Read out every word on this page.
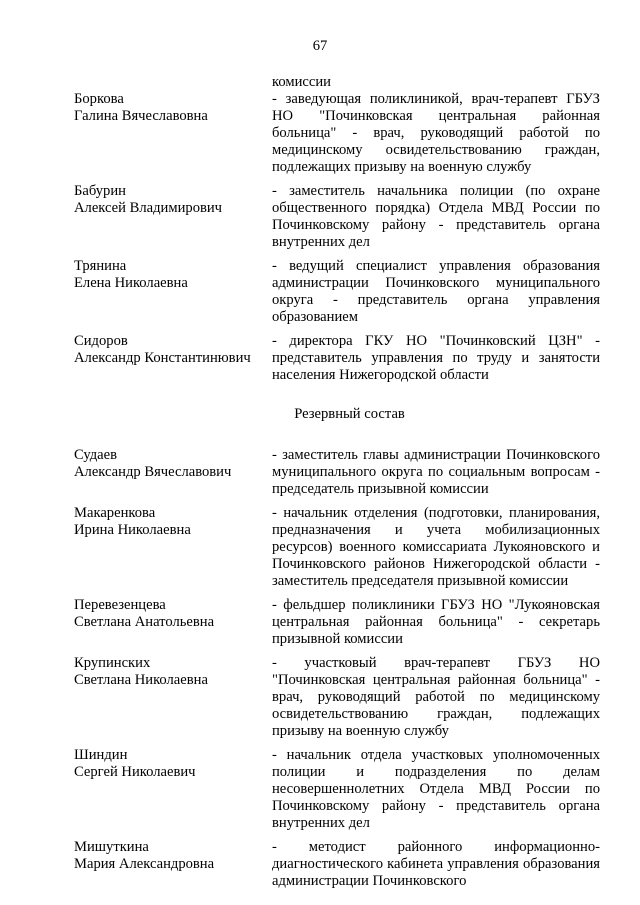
67
комиссии
Боркова
Галина Вячеславовна
- заведующая поликлиникой, врач-терапевт ГБУЗ НО "Починковская центральная районная больница" - врач, руководящий работой по медицинскому освидетельствованию граждан, подлежащих призыву на военную службу
Бабурин
Алексей Владимирович
- заместитель начальника полиции (по охране общественного порядка) Отдела МВД России по Починковскому району - представитель органа внутренних дел
Трянина
Елена Николаевна
- ведущий специалист управления образования администрации Починковского муниципального округа - представитель органа управления образованием
Сидоров
Александр Константинювич
- директора ГКУ НО "Починковский ЦЗН" - представитель управления по труду и занятости населения Нижегородской области
Резервный состав
Судаев
Александр Вячеславович
- заместитель главы администрации Починковского муниципального округа по социальным вопросам - председатель призывной комиссии
Макаренкова
Ирина Николаевна
- начальник отделения (подготовки, планирования, предназначения и учета мобилизационных ресурсов) военного комиссариата Лукояновского и Починковского районов Нижегородской области - заместитель председателя призывной комиссии
Перевезенцева
Светлана Анатольевна
- фельдшер поликлиники ГБУЗ НО "Лукояновская центральная районная больница" - секретарь призывной комиссии
Крупинских
Светлана Николаевна
- участковый врач-терапевт ГБУЗ НО "Починковская центральная районная больница" - врач, руководящий работой по медицинскому освидетельствованию граждан, подлежащих призыву на военную службу
Шиндин
Сергей Николаевич
- начальник отдела участковых уполномоченных полиции и подразделения по делам несовершеннолетних Отдела МВД России по Починковскому району - представитель органа внутренних дел
Мишуткина
Мария Александровна
- методист районного информационно-диагностического кабинета управления образования администрации Починковского
